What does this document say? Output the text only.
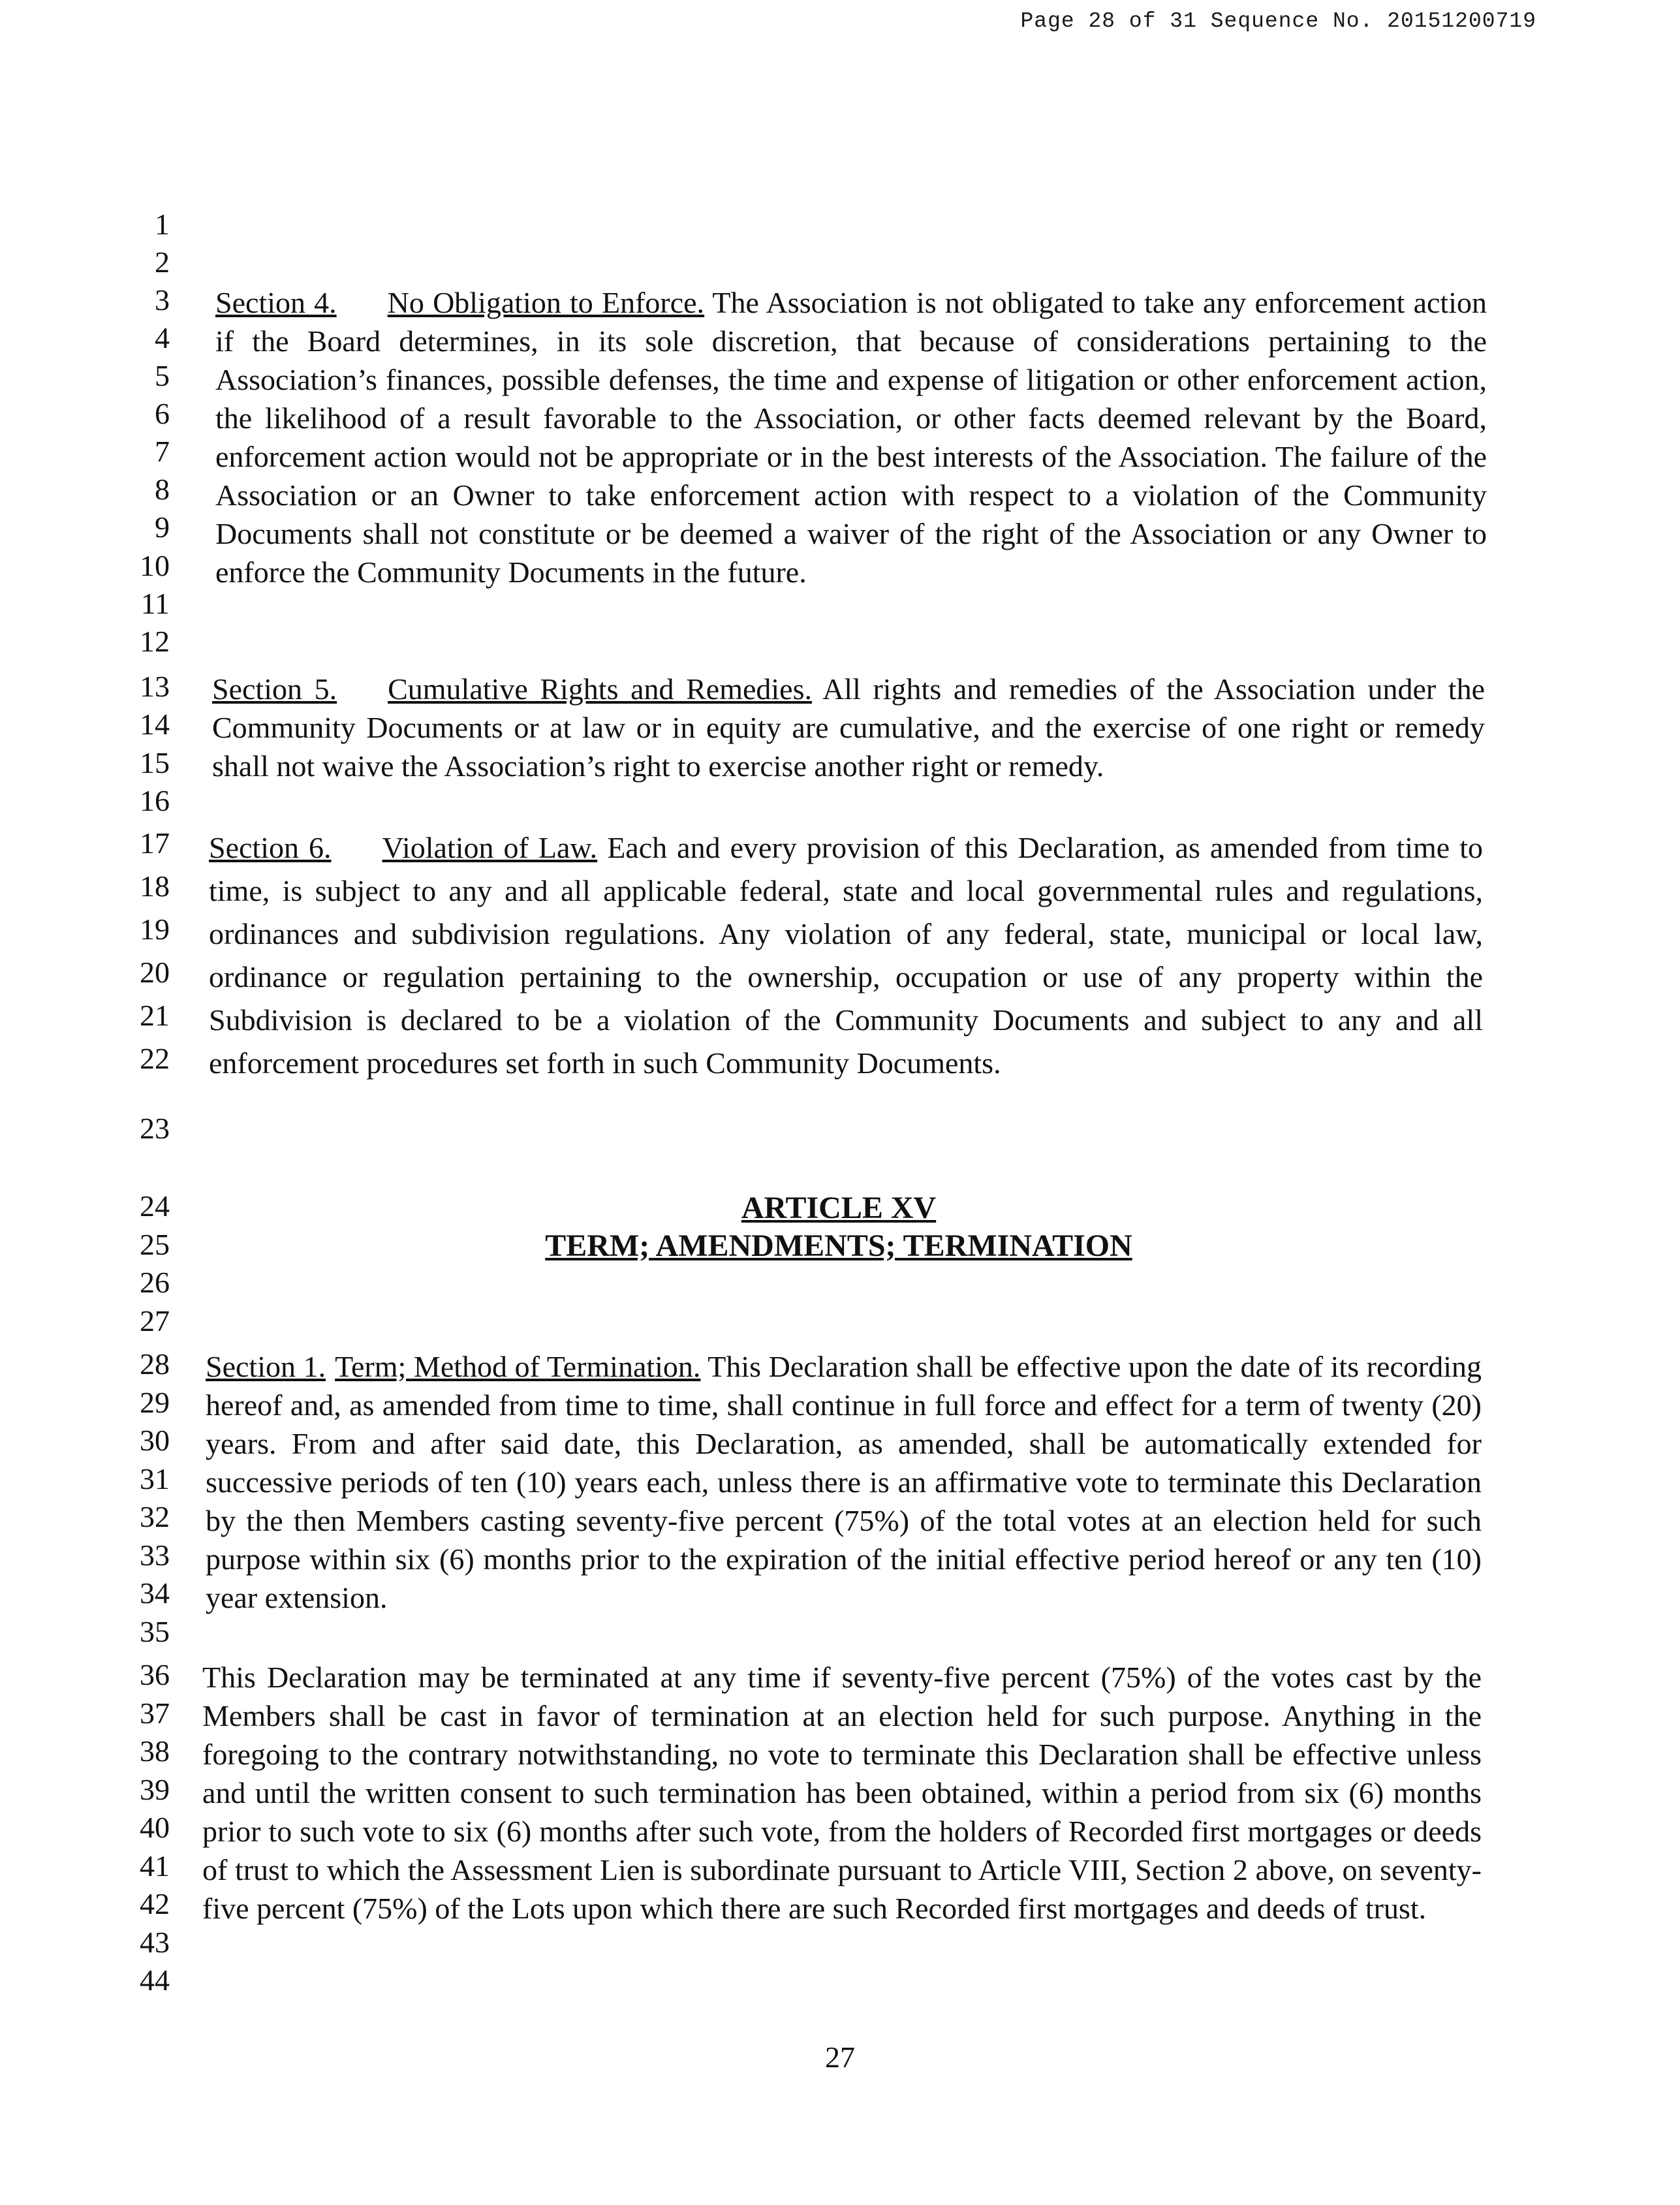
Page 28 of 31 Sequence No. 20151200719
1
2
3
4
5
6
7
8
9
10
11
12
13
14
15
16
17
18
19
20
21
22
23
24
25
26
27
28
29
30
31
32
33
34
35
36
37
38
39
40
41
42
43
44

Section 4. No Obligation to Enforce. The Association is not obligated to take any enforcement action if the Board determines, in its sole discretion, that because of considerations pertaining to the Association’s finances, possible defenses, the time and expense of litigation or other enforcement action, the likelihood of a result favorable to the Association, or other facts deemed relevant by the Board, enforcement action would not be appropriate or in the best interests of the Association. The failure of the Association or an Owner to take enforcement action with respect to a violation of the Community Documents shall not constitute or be deemed a waiver of the right of the Association or any Owner to enforce the Community Documents in the future.

Section 5. Cumulative Rights and Remedies. All rights and remedies of the Association under the Community Documents or at law or in equity are cumulative, and the exercise of one right or remedy shall not waive the Association’s right to exercise another right or remedy.

Section 6. Violation of Law. Each and every provision of this Declaration, as amended from time to time, is subject to any and all applicable federal, state and local governmental rules and regulations, ordinances and subdivision regulations. Any violation of any federal, state, municipal or local law, ordinance or regulation pertaining to the ownership, occupation or use of any property within the Subdivision is declared to be a violation of the Community Documents and subject to any and all enforcement procedures set forth in such Community Documents.

ARTICLE XV
TERM; AMENDMENTS; TERMINATION

Section 1. Term; Method of Termination. This Declaration shall be effective upon the date of its recording hereof and, as amended from time to time, shall continue in full force and effect for a term of twenty (20) years. From and after said date, this Declaration, as amended, shall be automatically extended for successive periods of ten (10) years each, unless there is an affirmative vote to terminate this Declaration by the then Members casting seventy-five percent (75%) of the total votes at an election held for such purpose within six (6) months prior to the expiration of the initial effective period hereof or any ten (10) year extension.

This Declaration may be terminated at any time if seventy-five percent (75%) of the votes cast by the Members shall be cast in favor of termination at an election held for such purpose. Anything in the foregoing to the contrary notwithstanding, no vote to terminate this Declaration shall be effective unless and until the written consent to such termination has been obtained, within a period from six (6) months prior to such vote to six (6) months after such vote, from the holders of Recorded first mortgages or deeds of trust to which the Assessment Lien is subordinate pursuant to Article VIII, Section 2 above, on seventy-five percent (75%) of the Lots upon which there are such Recorded first mortgages and deeds of trust.

27
